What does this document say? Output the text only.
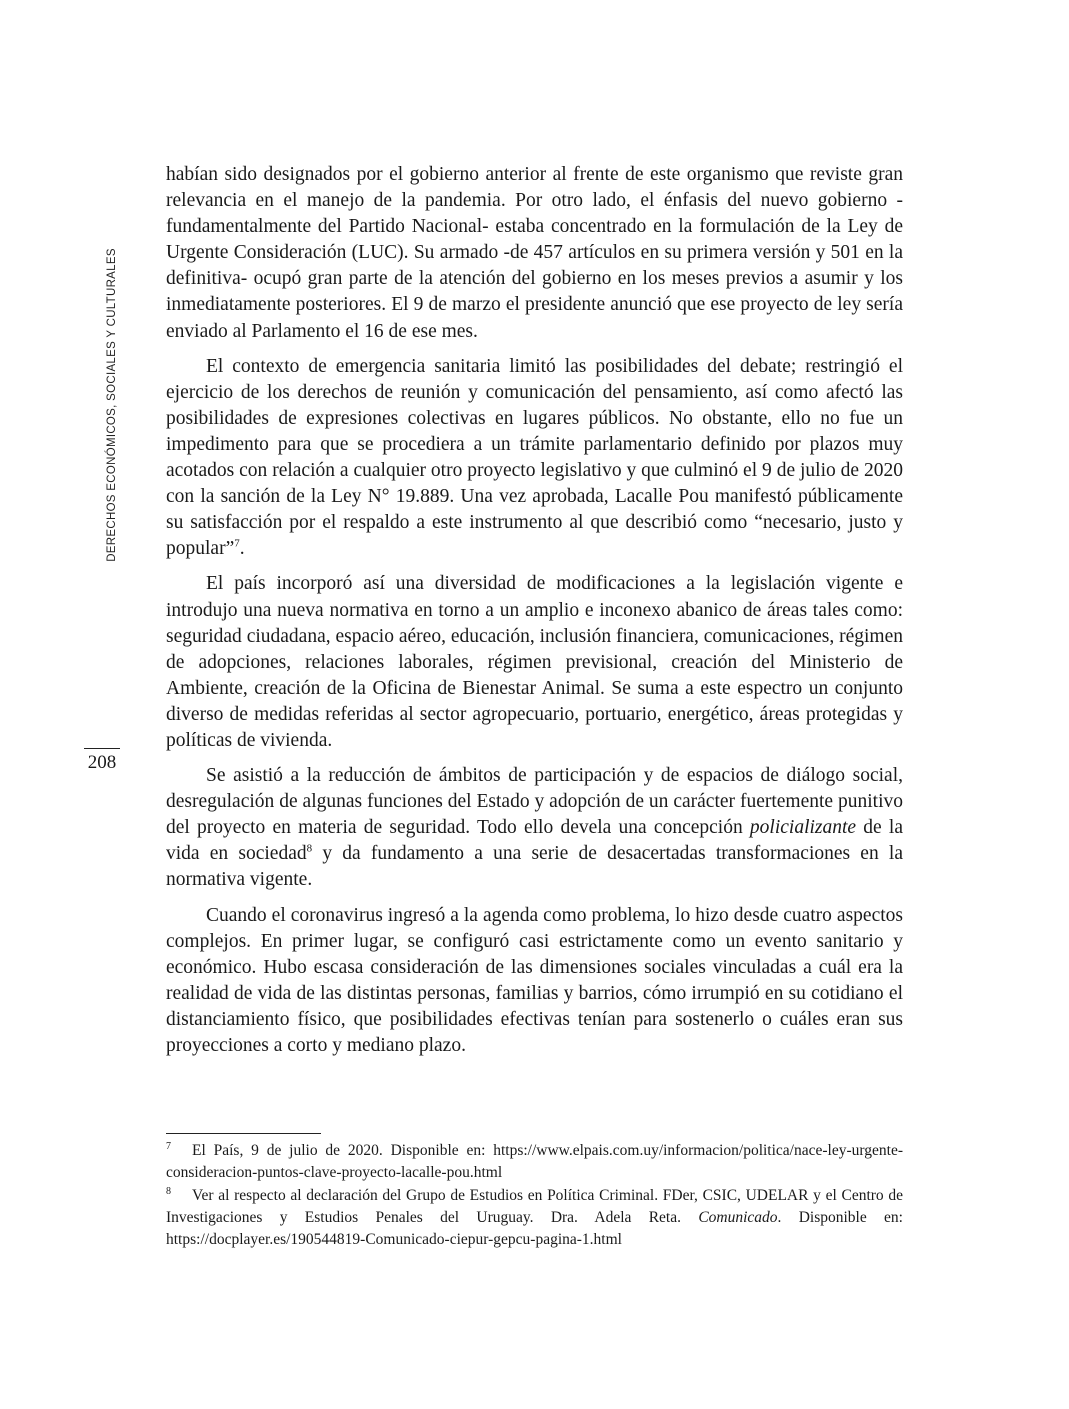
DERECHOS ECONÓMICOS, SOCIALES Y CULTURALES
208

habían sido designados por el gobierno anterior al frente de este organismo que reviste gran relevancia en el manejo de la pandemia. Por otro lado, el énfasis del nuevo gobierno -fundamentalmente del Partido Nacional- estaba concentrado en la formulación de la Ley de Urgente Consideración (LUC). Su armado -de 457 artículos en su primera versión y 501 en la definitiva- ocupó gran parte de la atención del gobierno en los meses previos a asumir y los inmediatamente posteriores. El 9 de marzo el presidente anunció que ese proyecto de ley sería enviado al Parlamento el 16 de ese mes.

El contexto de emergencia sanitaria limitó las posibilidades del debate; restringió el ejercicio de los derechos de reunión y comunicación del pensamiento, así como afectó las posibilidades de expresiones colectivas en lugares públicos. No obstante, ello no fue un impedimento para que se procediera a un trámite parlamentario definido por plazos muy acotados con relación a cualquier otro proyecto legislativo y que culminó el 9 de julio de 2020 con la sanción de la Ley N° 19.889. Una vez aprobada, Lacalle Pou manifestó públicamente su satisfacción por el respaldo a este instrumento al que describió como “necesario, justo y popular”$^7$.

El país incorporó así una diversidad de modificaciones a la legislación vigente e introdujo una nueva normativa en torno a un amplio e inconexo abanico de áreas tales como: seguridad ciudadana, espacio aéreo, educación, inclusión financiera, comunicaciones, régimen de adopciones, relaciones laborales, régimen previsional, creación del Ministerio de Ambiente, creación de la Oficina de Bienestar Animal. Se suma a este espectro un conjunto diverso de medidas referidas al sector agropecuario, portuario, energético, áreas protegidas y políticas de vivienda.

Se asistió a la reducción de ámbitos de participación y de espacios de diálogo social, desregulación de algunas funciones del Estado y adopción de un carácter fuertemente punitivo del proyecto en materia de seguridad. Todo ello devela una concepción policializante de la vida en sociedad$^8$ y da fundamento a una serie de desacertadas transformaciones en la normativa vigente.

Cuando el coronavirus ingresó a la agenda como problema, lo hizo desde cuatro aspectos complejos. En primer lugar, se configuró casi estrictamente como un evento sanitario y económico. Hubo escasa consideración de las dimensiones sociales vinculadas a cuál era la realidad de vida de las distintas personas, familias y barrios, cómo irrumpió en su cotidiano el distanciamiento físico, que posibilidades efectivas tenían para sostenerlo o cuáles eran sus proyecciones a corto y mediano plazo.

7 El País, 9 de julio de 2020. Disponible en: https://www.elpais.com.uy/informacion/politica/nace-ley-urgente-consideracion-puntos-clave-proyecto-lacalle-pou.html

8 Ver al respecto al declaración del Grupo de Estudios en Política Criminal. FDer, CSIC, UDELAR y el Centro de Investigaciones y Estudios Penales del Uruguay. Dra. Adela Reta. Comunicado. Disponible en: https://docplayer.es/190544819-Comunicado-ciepur-gepcu-pagina-1.html
